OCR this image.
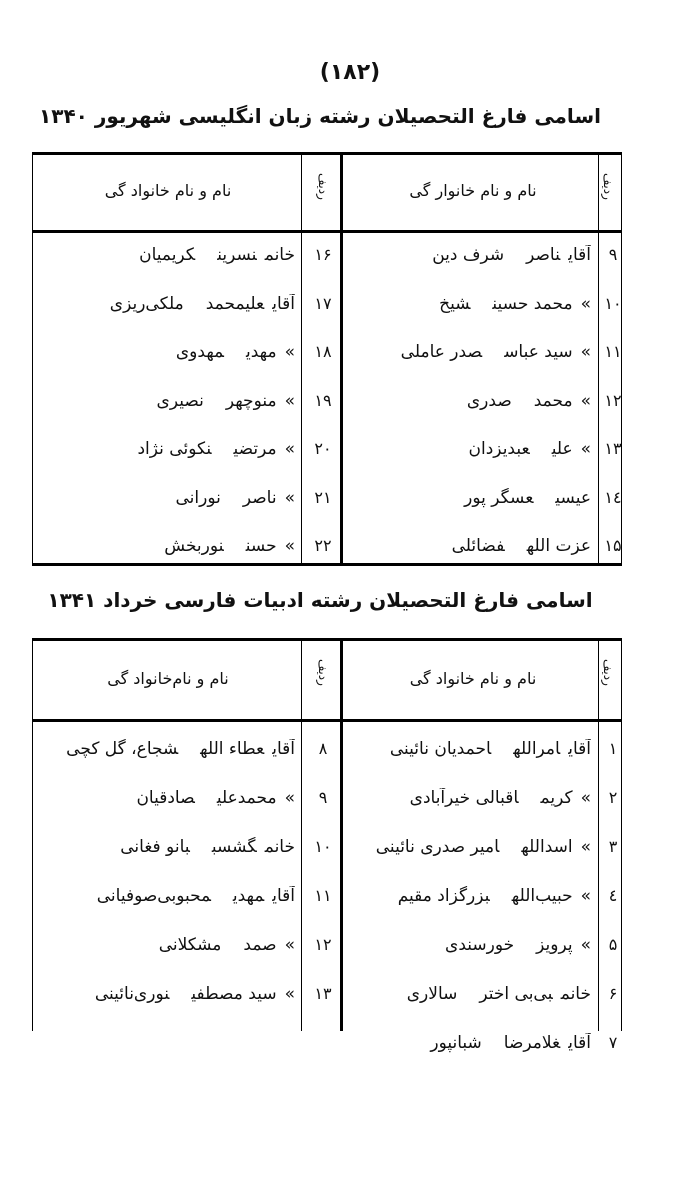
(۱۸۲)
اسامی فارغ التحصیلان رشته زبان انگلیسی شهریور ۱۳۴۰
ردیف
نام و نام خانوار گی
ردیف
نام و نام خانواد گی
۹
آقایناصرشرف دین
۱۶
خانمنسرینکریمیان
۱۰
»محمد حسینشیخ
۱۷
آقایعلیمحمدملکی‌ریزی
۱۱
»سید عباسصدر عاملی
۱۸
»مهدیمهدوی
۱۲
»محمدصدری
۱۹
»منوچهرنصیری
۱۳
»علیعبدیزدان
۲۰
»مرتضینکوئی نژاد
۱٤
عیسیعسگر پور
۲۱
»ناصرنورانی
۱۵
عزت اللهفضائلی
۲۲
»حسننوربخش
اسامی فارغ التحصیلان رشته ادبیات فارسی خرداد ۱۳۴۱
ردیف
نام و نام خانواد گی
ردیف
نام و نام‌خانواد گی
۱
آقایامراللهاحمدیان نائینی
۸
آقایعطاء اللهشجاع، گل کچی
۲
»کریماقبالی خیرآبادی
۹
»محمدعلیصادقیان
۳
»اسداللهامیر صدری نائینی
۱۰
خانمگشسببانو فغانی
٤
»حبیب‌اللهبزرگزاد مقیم
۱۱
آقایمهدیمحبوبی‌صوفیانی
۵
»پرویزخورسندی
۱۲
»صمدمشکلانی
۶
خانمبی‌بی اخترسالاری
۱۳
»سید مصطفینوری‌نائینی
۷
آقایغلامرضاشبانپور
